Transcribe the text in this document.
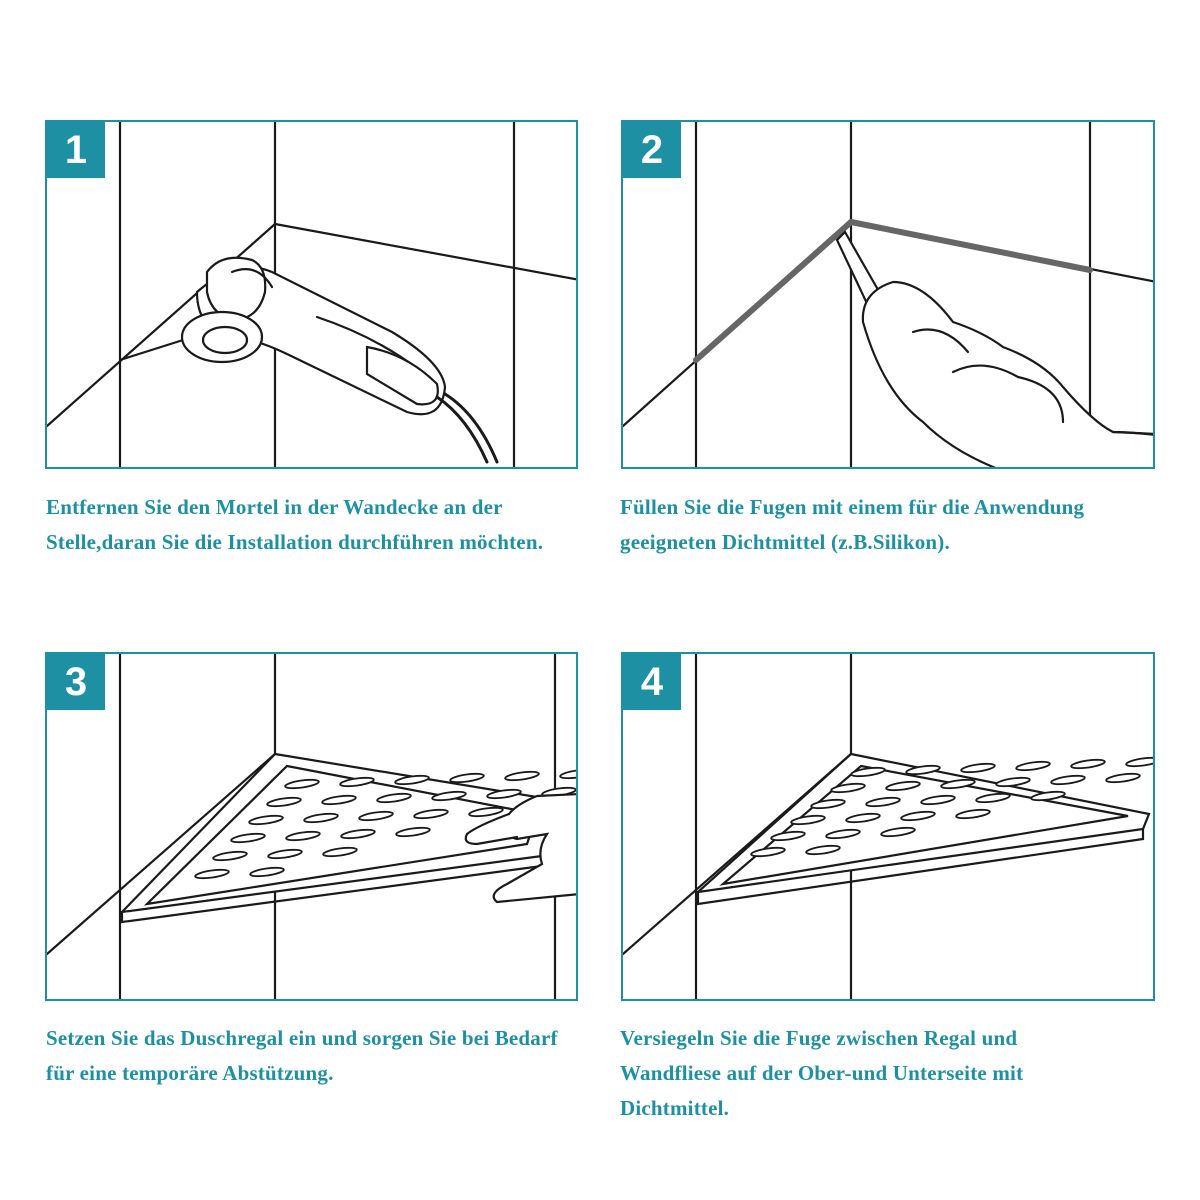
1
Entfernen Sie den Mortel in der Wandecke an der Stelle,daran Sie die Installation durchführen möchten.
2
Füllen Sie die Fugen mit einem für die Anwendung geeigneten Dichtmittel (z.B.Silikon).
3
Setzen Sie das Duschregal ein und sorgen Sie bei Bedarf für eine temporäre Abstützung.
4
Versiegeln Sie die Fuge zwischen Regal und Wandfliese auf der Ober-und Unterseite mit Dichtmittel.
